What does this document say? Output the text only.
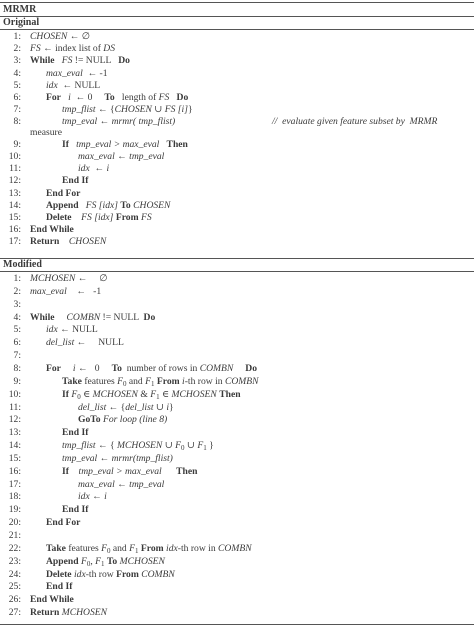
MRMR
Original
1: CHOSEN ← ∅
2: FS ← index list of DS
3: While FS != NULL   Do
4:	max_eval  ← -1
5:	idx  ← NULL
6:	For i  ← 0     To   length of FS Do
7:	tmp_flist ← {CHOSEN ∪ FS [i]}
8:	tmp_eval ← mrmr( tmp_flist)	//  evaluate given feature subset by  MRMR
measure
9:	If tmp_eval > max_eval Then
10:	max_eval ← tmp_eval
11:	idx  ← i
12:	End If
13:	End For
14:	Append FS [idx] To CHOSEN
15:	Delete FS [idx] From FS
16: End While
17: Return CHOSEN
Modified
1: MCHOSEN ←     ∅
2: max_eval    ←   -1
3:
4: While COMBN != NULL  Do
5:	idx ← NULL
6:	del_list ←     NULL
7:
8:	For i ←   0     To  number of rows in COMBN Do
9:	Take features $F_0$ and $F_1$ From i-th row in COMBN
10:	If $F_0$ ∈ MCHOSEN & $F_1$ ∈ MCHOSEN Then
11:	del_list ← {del_list ∪ i}
12:	GoTo For loop (line 8)
13:	End If
14:	tmp_flist ← { MCHOSEN ∪ $F_0$ ∪ $F_1$ }
15:	tmp_eval ← mrmr(tmp_flist)
16:	If tmp_eval > max_eval Then
17:	max_eval ← tmp_eval
18:	idx ← i
19:	End If
20:	End For
21:
22:	Take features $F_0$ and $F_1$ From idx-th row in COMBN
23:	Append $F_0$, $F_1$ To MCHOSEN
24:	Delete idx-th row From COMBN
25:	End If
26: End While
27: Return MCHOSEN
